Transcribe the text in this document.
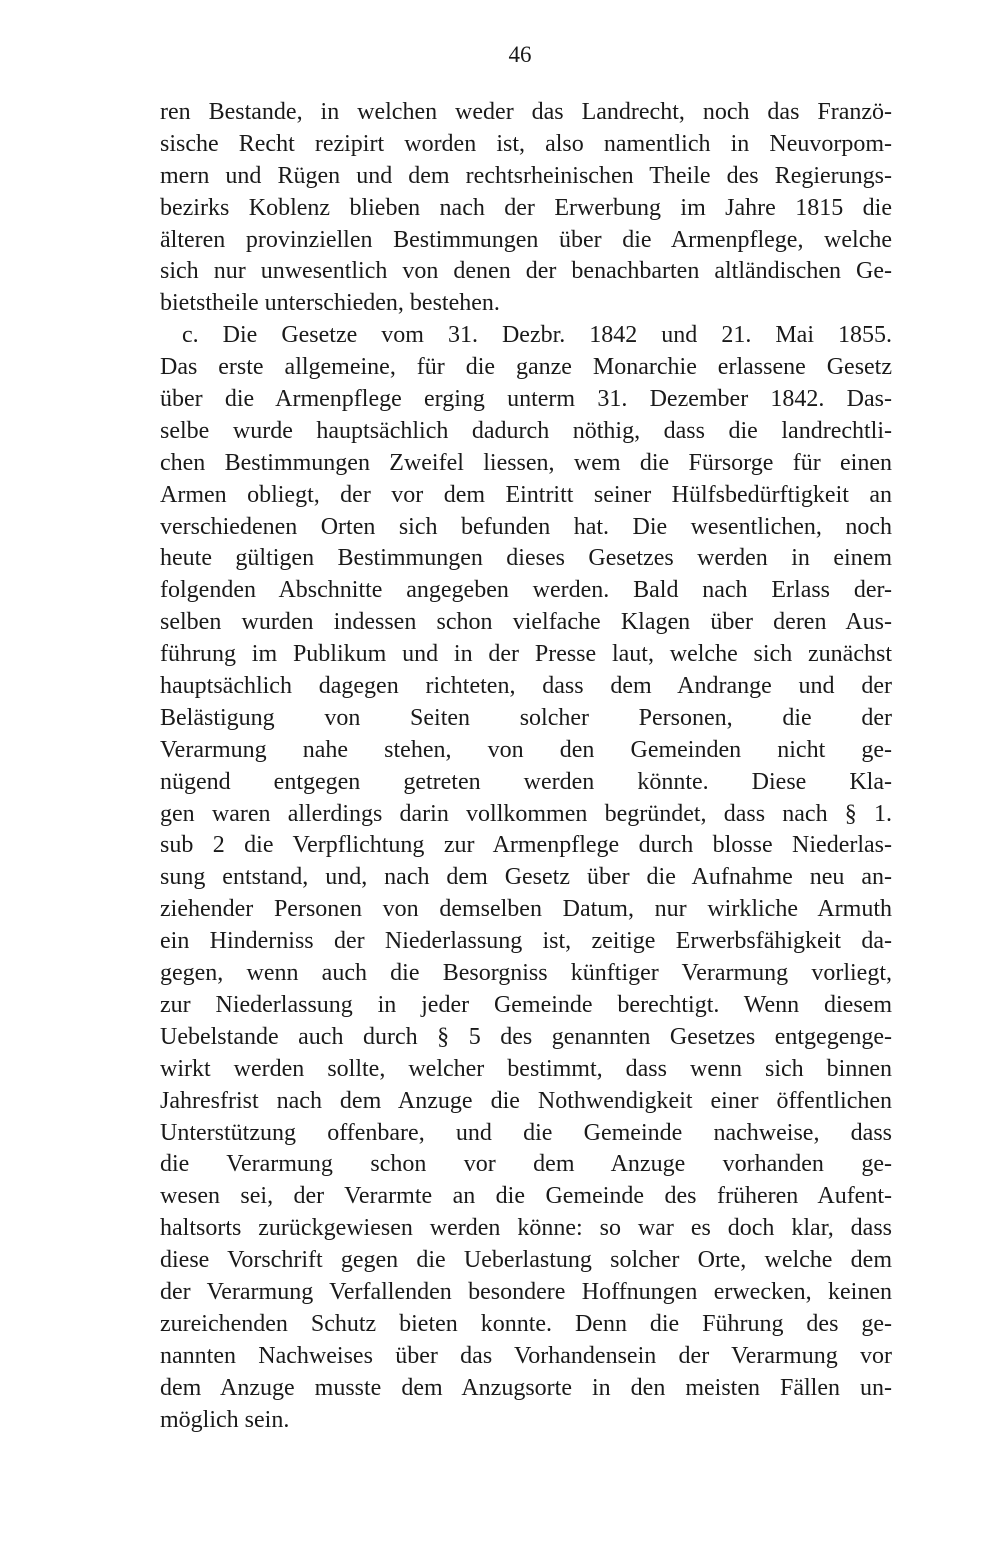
46
ren Bestande, in welchen weder das Landrecht, noch das Franzö-
sische Recht rezipirt worden ist, also namentlich in Neuvorpom-
mern und Rügen und dem rechtsrheinischen Theile des Regierungs-
bezirks Koblenz blieben nach der Erwerbung im Jahre 1815 die
älteren provinziellen Bestimmungen über die Armenpflege, welche
sich nur unwesentlich von denen der benachbarten altländischen Ge-
bietstheile unterschieden, bestehen.
c. Die Gesetze vom 31. Dezbr. 1842 und 21. Mai 1855.
Das erste allgemeine, für die ganze Monarchie erlassene Gesetz
über die Armenpflege erging unterm 31. Dezember 1842. Das-
selbe wurde hauptsächlich dadurch nöthig, dass die landrechtli-
chen Bestimmungen Zweifel liessen, wem die Fürsorge für einen
Armen obliegt, der vor dem Eintritt seiner Hülfsbedürftigkeit an
verschiedenen Orten sich befunden hat. Die wesentlichen, noch
heute gültigen Bestimmungen dieses Gesetzes werden in einem
folgenden Abschnitte angegeben werden. Bald nach Erlass der-
selben wurden indessen schon vielfache Klagen über deren Aus-
führung im Publikum und in der Presse laut, welche sich zunächst
hauptsächlich dagegen richteten, dass dem Andrange und der
Belästigung von Seiten solcher Personen, die der
Verarmung nahe stehen, von den Gemeinden nicht ge-
nügend entgegen getreten werden könnte. Diese Kla-
gen waren allerdings darin vollkommen begründet, dass nach § 1.
sub 2 die Verpflichtung zur Armenpflege durch blosse Niederlas-
sung entstand, und, nach dem Gesetz über die Aufnahme neu an-
ziehender Personen von demselben Datum, nur wirkliche Armuth
ein Hinderniss der Niederlassung ist, zeitige Erwerbsfähigkeit da-
gegen, wenn auch die Besorgniss künftiger Verarmung vorliegt,
zur Niederlassung in jeder Gemeinde berechtigt. Wenn diesem
Uebelstande auch durch § 5 des genannten Gesetzes entgegenge-
wirkt werden sollte, welcher bestimmt, dass wenn sich binnen
Jahresfrist nach dem Anzuge die Nothwendigkeit einer öffentlichen
Unterstützung offenbare, und die Gemeinde nachweise, dass
die Verarmung schon vor dem Anzuge vorhanden ge-
wesen sei, der Verarmte an die Gemeinde des früheren Aufent-
haltsorts zurückgewiesen werden könne: so war es doch klar, dass
diese Vorschrift gegen die Ueberlastung solcher Orte, welche dem
der Verarmung Verfallenden besondere Hoffnungen erwecken, keinen
zureichenden Schutz bieten konnte. Denn die Führung des ge-
nannten Nachweises über das Vorhandensein der Verarmung vor
dem Anzuge musste dem Anzugsorte in den meisten Fällen un-
möglich sein.
